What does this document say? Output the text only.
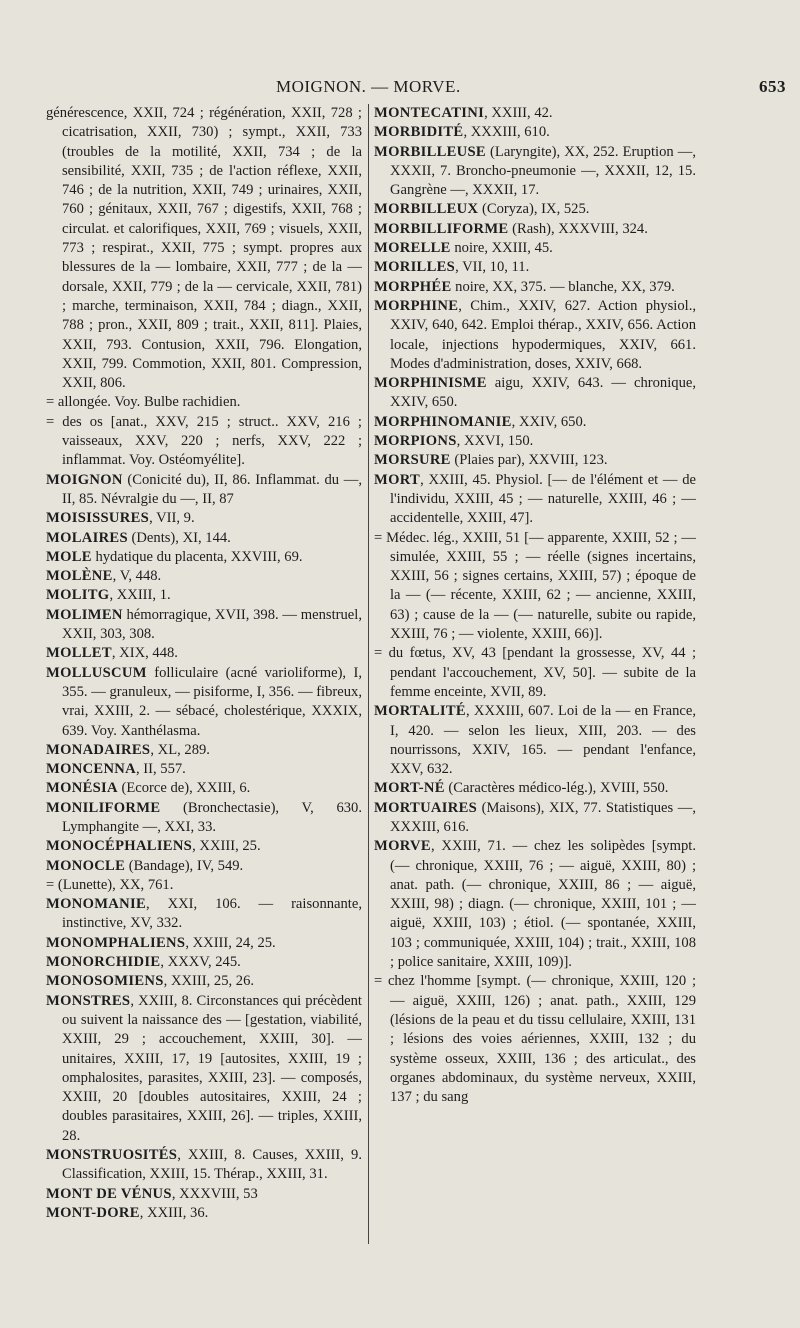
MOIGNON. — MORVE.	653

générescence, XXII, 724 ; régénération, XXII, 728 ; cicatrisation, XXII, 730) ; sympt., XXII, 733 (troubles de la motilité, XXII, 734 ; de la sensibilité, XXII, 735 ; de l'action réflexe, XXII, 746 ; de la nutrition, XXII, 749 ; urinaires, XXII, 760 ; génitaux, XXII, 767 ; digestifs, XXII, 768 ; circulat. et calorifiques, XXII, 769 ; visuels, XXII, 773 ; respirat., XXII, 775 ; sympt. propres aux blessures de la — lombaire, XXII, 777 ; de la — dorsale, XXII, 779 ; de la — cervicale, XXII, 781) ; marche, terminaison, XXII, 784 ; diagn., XXII, 788 ; pron., XXII, 809 ; trait., XXII, 811]. Plaies, XXII, 793. Contusion, XXII, 796. Elongation, XXII, 799. Commotion, XXII, 801. Compression, XXII, 806.

= allongée. Voy. Bulbe rachidien.

= des os [anat., XXV, 215 ; struct.. XXV, 216 ; vaisseaux, XXV, 220 ; nerfs, XXV, 222 ; inflammat. Voy. Ostéomyélite].

MOIGNON (Conicité du), II, 86. Inflammat. du —, II, 85. Névralgie du —, II, 87

MOISISSURES, VII, 9.

MOLAIRES (Dents), XI, 144.

MOLE hydatique du placenta, XXVIII, 69.

MOLÈNE, V, 448.

MOLITG, XXIII, 1.

MOLIMEN hémorragique, XVII, 398. — menstruel, XXII, 303, 308.

MOLLET, XIX, 448.

MOLLUSCUM folliculaire (acné varioliforme), I, 355. — granuleux, — pisiforme, I, 356. — fibreux, vrai, XXIII, 2. — sébacé, cholestérique, XXXIX, 639. Voy. Xanthélasma.

MONADAIRES, XL, 289.

MONCENNA, II, 557.

MONÉSIA (Ecorce de), XXIII, 6.

MONILIFORME (Bronchectasie), V, 630. Lymphangite —, XXI, 33.

MONOCÉPHALIENS, XXIII, 25.

MONOCLE (Bandage), IV, 549.

= (Lunette), XX, 761.

MONOMANIE, XXI, 106. — raisonnante, instinctive, XV, 332.

MONOMPHALIENS, XXIII, 24, 25.

MONORCHIDIE, XXXV, 245.

MONOSOMIENS, XXIII, 25, 26.

MONSTRES, XXIII, 8. Circonstances qui précèdent ou suivent la naissance des — [gestation, viabilité, XXIII, 29 ; accouchement, XXIII, 30]. — unitaires, XXIII, 17, 19 [autosites, XXIII, 19 ; omphalosites, parasites, XXIII, 23]. — composés, XXIII, 20 [doubles autositaires, XXIII, 24 ; doubles parasitaires, XXIII, 26]. — triples, XXIII, 28.

MONSTRUOSITÉS, XXIII, 8. Causes, XXIII, 9. Classification, XXIII, 15. Thérap., XXIII, 31.

MONT DE VÉNUS, XXXVIII, 53

MONT-DORE, XXIII, 36.

MONTECATINI, XXIII, 42.

MORBIDITÉ, XXXIII, 610.

MORBILLEUSE (Laryngite), XX, 252. Eruption —, XXXII, 7. Broncho-pneumonie —, XXXII, 12, 15. Gangrène —, XXXII, 17.

MORBILLEUX (Coryza), IX, 525.

MORBILLIFORME (Rash), XXXVIII, 324.

MORELLE noire, XXIII, 45.

MORILLES, VII, 10, 11.

MORPHÉE noire, XX, 375. — blanche, XX, 379.

MORPHINE, Chim., XXIV, 627. Action physiol., XXIV, 640, 642. Emploi thérap., XXIV, 656. Action locale, injections hypodermiques, XXIV, 661. Modes d'administration, doses, XXIV, 668.

MORPHINISME aigu, XXIV, 643. — chronique, XXIV, 650.

MORPHINOMANIE, XXIV, 650.

MORPIONS, XXVI, 150.

MORSURE (Plaies par), XXVIII, 123.

MORT, XXIII, 45. Physiol. [— de l'élément et — de l'individu, XXIII, 45 ; — naturelle, XXIII, 46 ; — accidentelle, XXIII, 47].

= Médec. lég., XXIII, 51 [— apparente, XXIII, 52 ; — simulée, XXIII, 55 ; — réelle (signes incertains, XXIII, 56 ; signes certains, XXIII, 57) ; époque de la — (— récente, XXIII, 62 ; — ancienne, XXIII, 63) ; cause de la — (— naturelle, subite ou rapide, XXIII, 76 ; — violente, XXIII, 66)].

= du fœtus, XV, 43 [pendant la grossesse, XV, 44 ; pendant l'accouchement, XV, 50]. — subite de la femme enceinte, XVII, 89.

MORTALITÉ, XXXIII, 607. Loi de la — en France, I, 420. — selon les lieux, XIII, 203. — des nourrissons, XXIV, 165. — pendant l'enfance, XXV, 632.

MORT-NÉ (Caractères médico-lég.), XVIII, 550.

MORTUAIRES (Maisons), XIX, 77. Statistiques —, XXXIII, 616.

MORVE, XXIII, 71. — chez les solipèdes [sympt. (— chronique, XXIII, 76 ; — aiguë, XXIII, 80) ; anat. path. (— chronique, XXIII, 86 ; — aiguë, XXIII, 98) ; diagn. (— chronique, XXIII, 101 ; — aiguë, XXIII, 103) ; étiol. (— spontanée, XXIII, 103 ; communiquée, XXIII, 104) ; trait., XXIII, 108 ; police sanitaire, XXIII, 109)].

= chez l'homme [sympt. (— chronique, XXIII, 120 ; — aiguë, XXIII, 126) ; anat. path., XXIII, 129 (lésions de la peau et du tissu cellulaire, XXIII, 131 ; lésions des voies aériennes, XXIII, 132 ; du système osseux, XXIII, 136 ; des articulat., des organes abdominaux, du système nerveux, XXIII, 137 ; du sang
